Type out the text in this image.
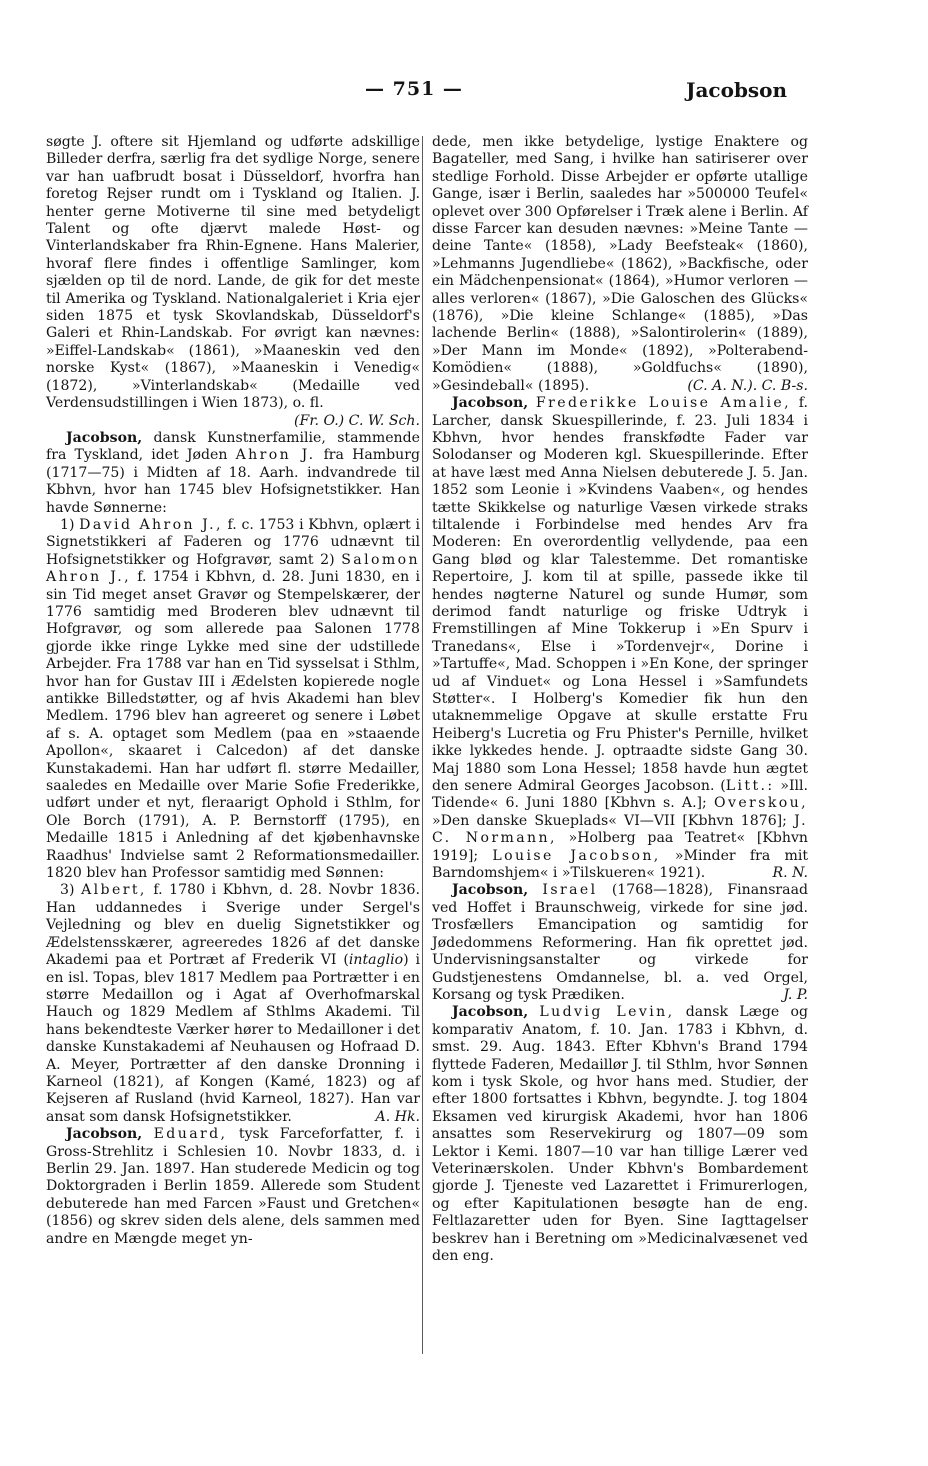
— 751 —	Jacobson

søgte J. oftere sit Hjemland og udførte adskillige Billeder derfra, særlig fra det sydlige Norge, senere var han uafbrudt bosat i Düsseldorf, hvorfra han foretog Rejser rundt om i Tyskland og Italien. J. henter gerne Motiverne til sine med betydeligt Talent og ofte djærvt malede Høst- og Vinterlandskaber fra Rhin-Egnene. Hans Malerier, hvoraf flere findes i offentlige Samlinger, kom sjælden op til de nord. Lande, de gik for det meste til Amerika og Tyskland. Nationalgaleriet i Kria ejer siden 1875 et tysk Skovlandskab, Düsseldorf's Galeri et Rhin-Landskab. For øvrigt kan nævnes: »Eiffel-Landskab« (1861), »Maaneskin ved den norske Kyst« (1867), »Maaneskin i Venedig« (1872), »Vinterlandskab« (Medaille ved Verdensudstillingen i Wien 1873), o. fl.
(Fr. O.) C. W. Sch.

Jacobson, dansk Kunstnerfamilie, stammende fra Tyskland, idet Jøden Ahron J. fra Hamburg (1717—75) i Midten af 18. Aarh. indvandrede til Kbhvn, hvor han 1745 blev Hofsignetstikker. Han havde Sønnerne:

1) David Ahron J., f. c. 1753 i Kbhvn, oplært i Signetstikkeri af Faderen og 1776 udnævnt til Hofsignetstikker og Hofgravør, samt 2) Salomon Ahron J., f. 1754 i Kbhvn, d. 28. Juni 1830, en i sin Tid meget anset Gravør og Stempelskærer, der 1776 samtidig med Broderen blev udnævnt til Hofgravør, og som allerede paa Salonen 1778 gjorde ikke ringe Lykke med sine der udstillede Arbejder. Fra 1788 var han en Tid sysselsat i Sthlm, hvor han for Gustav III i Ædelsten kopierede nogle antikke Billedstøtter, og af hvis Akademi han blev Medlem. 1796 blev han agreeret og senere i Løbet af s. A. optaget som Medlem (paa en »staaende Apollon«, skaaret i Calcedon) af det danske Kunstakademi. Han har udført fl. større Medailler, saaledes en Medaille over Marie Sofie Frederikke, udført under et nyt, fleraarigt Ophold i Sthlm, for Ole Borch (1791), A. P. Bernstorff (1795), en Medaille 1815 i Anledning af det kjøbenhavnske Raadhus' Indvielse samt 2 Reformationsmedailler. 1820 blev han Professor samtidig med Sønnen:

3) Albert, f. 1780 i Kbhvn, d. 28. Novbr 1836. Han uddannedes i Sverige under Sergel's Vejledning og blev en duelig Signetstikker og Ædelstensskærer, agreeredes 1826 af det danske Akademi paa et Portræt af Frederik VI (intaglio) i en isl. Topas, blev 1817 Medlem paa Portrætter i en større Medaillon og i Agat af Overhofmarskal Hauch og 1829 Medlem af Sthlms Akademi. Til hans bekendteste Værker hører to Medailloner i det danske Kunstakademi af Neuhausen og Hofraad D. A. Meyer, Portrætter af den danske Dronning i Karneol (1821), af Kongen (Kamé, 1823) og af Kejseren af Rusland (hvid Karneol, 1827). Han var ansat som dansk Hofsignetstikker.	A. Hk.

Jacobson, Eduard, tysk Farceforfatter, f. i Gross-Strehlitz i Schlesien 10. Novbr 1833, d. i Berlin 29. Jan. 1897. Han studerede Medicin og tog Doktorgraden i Berlin 1859. Allerede som Student debuterede han med Farcen »Faust und Gretchen« (1856) og skrev siden dels alene, dels sammen med andre en Mængde meget yn-

dede, men ikke betydelige, lystige Enaktere og Bagateller, med Sang, i hvilke han satiriserer over stedlige Forhold. Disse Arbejder er opførte utallige Gange, især i Berlin, saaledes har »500000 Teufel« oplevet over 300 Opførelser i Træk alene i Berlin. Af disse Farcer kan desuden nævnes: »Meine Tante — deine Tante« (1858), »Lady Beefsteak« (1860), »Lehmanns Jugendliebe« (1862), »Backfische, oder ein Mädchenpensionat« (1864), »Humor verloren — alles verloren« (1867), »Die Galoschen des Glücks« (1876), »Die kleine Schlange« (1885), »Das lachende Berlin« (1888), »Salontirolerin« (1889), »Der Mann im Monde« (1892), »Polterabend-Komödien« (1888), »Goldfuchs« (1890), »Gesindeball« (1895).	(C. A. N.). C. B-s.

Jacobson, Frederikke Louise Amalie, f. Larcher, dansk Skuespillerinde, f. 23. Juli 1834 i Kbhvn, hvor hendes franskfødte Fader var Solodanser og Moderen kgl. Skuespillerinde. Efter at have læst med Anna Nielsen debuterede J. 5. Jan. 1852 som Leonie i »Kvindens Vaaben«, og hendes tætte Skikkelse og naturlige Væsen virkede straks tiltalende i Forbindelse med hendes Arv fra Moderen: En overordentlig vellydende, paa een Gang blød og klar Talestemme. Det romantiske Repertoire, J. kom til at spille, passede ikke til hendes nøgterne Naturel og sunde Humør, som derimod fandt naturlige og friske Udtryk i Fremstillingen af Mine Tokkerup i »En Spurv i Tranedans«, Else i »Tordenvejr«, Dorine i »Tartuffe«, Mad. Schoppen i »En Kone, der springer ud af Vinduet« og Lona Hessel i »Samfundets Støtter«. I Holberg's Komedier fik hun den utaknemmelige Opgave at skulle erstatte Fru Heiberg's Lucretia og Fru Phister's Pernille, hvilket ikke lykkedes hende. J. optraadte sidste Gang 30. Maj 1880 som Lona Hessel; 1858 havde hun ægtet den senere Admiral Georges Jacobson. (Litt.: »Ill. Tidende« 6. Juni 1880 [Kbhvn s. A.]; Overskou, »Den danske Skueplads« VI—VII [Kbhvn 1876]; J. C. Normann, »Holberg paa Teatret« [Kbhvn 1919]; Louise Jacobson, »Minder fra mit Barndomshjem« i »Tilskueren« 1921).	R. N.

Jacobson, Israel (1768—1828), Finansraad ved Hoffet i Braunschweig, virkede for sine jød. Trosfællers Emancipation og samtidig for Jødedommens Reformering. Han fik oprettet jød. Undervisningsanstalter og virkede for Gudstjenestens Omdannelse, bl. a. ved Orgel, Korsang og tysk Prædiken.	J. P.

Jacobson, Ludvig Levin, dansk Læge og komparativ Anatom, f. 10. Jan. 1783 i Kbhvn, d. smst. 29. Aug. 1843. Efter Kbhvn's Brand 1794 flyttede Faderen, Medaillør J. til Sthlm, hvor Sønnen kom i tysk Skole, og hvor hans med. Studier, der efter 1800 fortsattes i Kbhvn, begyndte. J. tog 1804 Eksamen ved kirurgisk Akademi, hvor han 1806 ansattes som Reservekirurg og 1807—09 som Lektor i Kemi. 1807—10 var han tillige Lærer ved Veterinærskolen. Under Kbhvn's Bombardement gjorde J. Tjeneste ved Lazarettet i Frimurerlogen, og efter Kapitulationen besøgte han de eng. Feltlazaretter uden for Byen. Sine Iagttagelser beskrev han i Beretning om »Medicinalvæsenet ved den eng.
